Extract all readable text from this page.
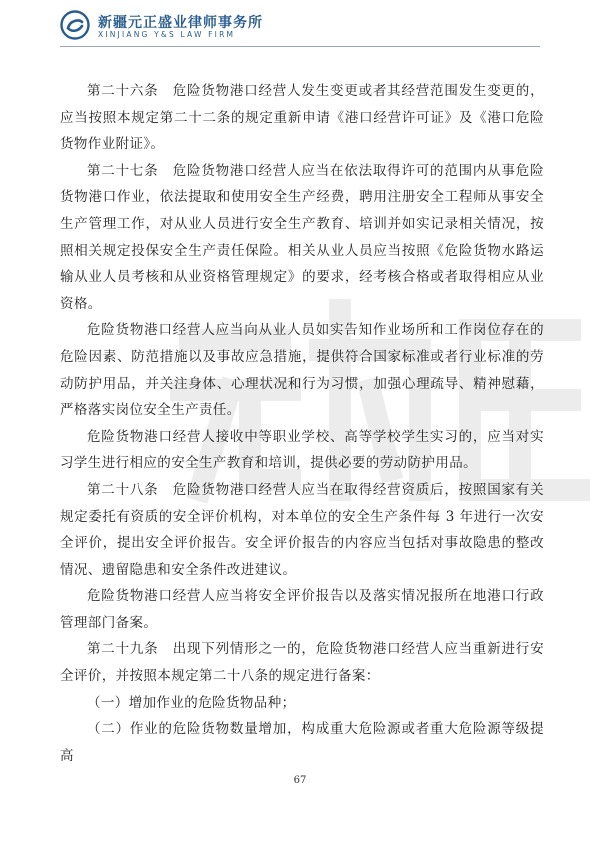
新疆元正盛业律师事务所
XINJIANG Y&S LAW FIRM

第二十六条　危险货物港口经营人发生变更或者其经营范围发生变更的，应当按照本规定第二十二条的规定重新申请《港口经营许可证》及《港口危险货物作业附证》。

第二十七条　危险货物港口经营人应当在依法取得许可的范围内从事危险货物港口作业，依法提取和使用安全生产经费，聘用注册安全工程师从事安全生产管理工作，对从业人员进行安全生产教育、培训并如实记录相关情况，按照相关规定投保安全生产责任保险。相关从业人员应当按照《危险货物水路运输从业人员考核和从业资格管理规定》的要求，经考核合格或者取得相应从业资格。

危险货物港口经营人应当向从业人员如实告知作业场所和工作岗位存在的危险因素、防范措施以及事故应急措施，提供符合国家标准或者行业标准的劳动防护用品，并关注身体、心理状况和行为习惯，加强心理疏导、精神慰藉，严格落实岗位安全生产责任。

危险货物港口经营人接收中等职业学校、高等学校学生实习的，应当对实习学生进行相应的安全生产教育和培训，提供必要的劳动防护用品。

第二十八条　危险货物港口经营人应当在取得经营资质后，按照国家有关规定委托有资质的安全评价机构，对本单位的安全生产条件每 3 年进行一次安全评价，提出安全评价报告。安全评价报告的内容应当包括对事故隐患的整改情况、遗留隐患和安全条件改进建议。

危险货物港口经营人应当将安全评价报告以及落实情况报所在地港口行政管理部门备案。

第二十九条　出现下列情形之一的，危险货物港口经营人应当重新进行安全评价，并按照本规定第二十八条的规定进行备案：

（一）增加作业的危险货物品种；

（二）作业的危险货物数量增加，构成重大危险源或者重大危险源等级提高

67
